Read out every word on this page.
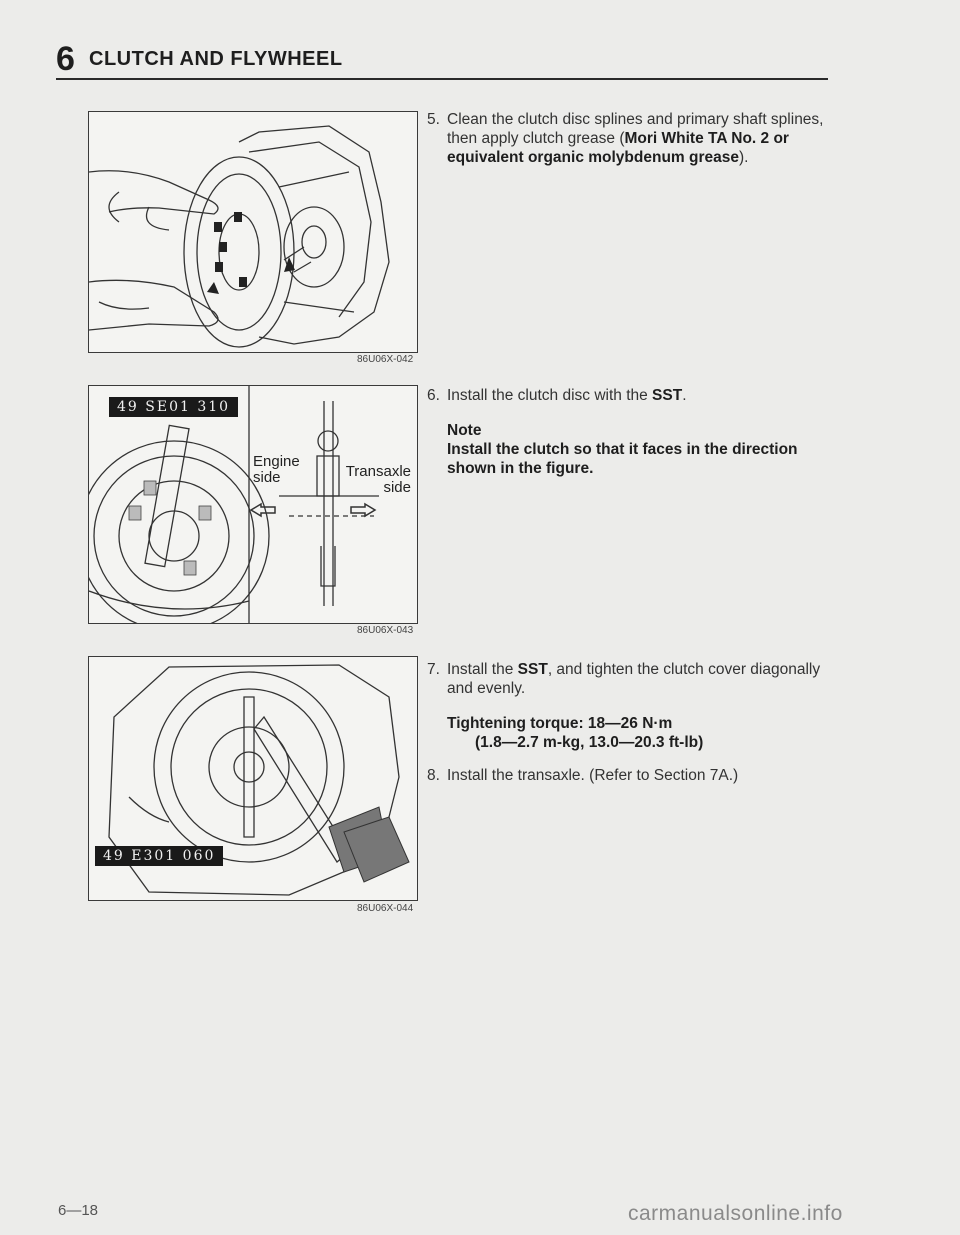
6 CLUTCH AND FLYWHEEL
86U06X-042
49 SE01 310
Engine
side	Transaxle
side
86U06X-043
49 E301 060
86U06X-044
5. Clean the clutch disc splines and primary shaft splines, then apply clutch grease (Mori White TA No. 2 or equivalent organic molybdenum grease).
6. Install the clutch disc with the SST.
Note
Install the clutch so that it faces in the direction shown in the figure.
7. Install the SST, and tighten the clutch cover diagonally and evenly.
Tightening torque: 18—26 N·m
(1.8—2.7 m-kg, 13.0—20.3 ft-lb)
8. Install the transaxle. (Refer to Section 7A.)
6—18	carmanualsonline.info
